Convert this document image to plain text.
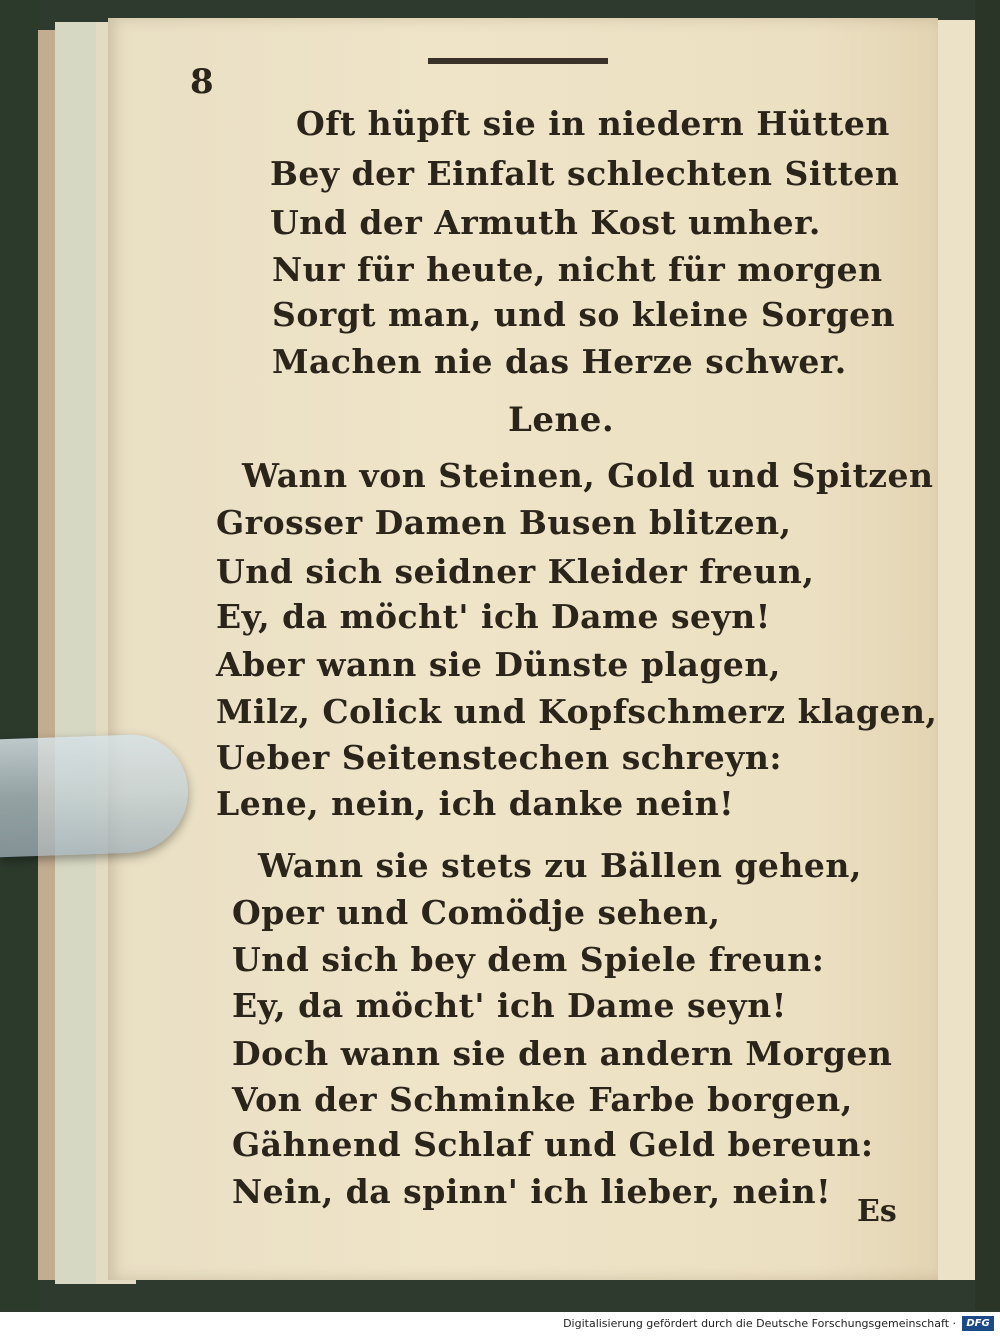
8
Oft hüpft sie in niedern Hütten
Bey der Einfalt schlechten Sitten
Und der Armuth Kost umher.
Nur für heute, nicht für morgen
Sorgt man, und so kleine Sorgen
Machen nie das Herze schwer.
Lene.
Wann von Steinen, Gold und Spitzen
Grosser Damen Busen blitzen,
Und sich seidner Kleider freun,
Ey, da möcht' ich Dame seyn!
Aber wann sie Dünste plagen,
Milz, Colick und Kopfschmerz klagen,
Ueber Seitenstechen schreyn:
Lene, nein, ich danke nein!
Wann sie stets zu Bällen gehen,
Oper und Comödje sehen,
Und sich bey dem Spiele freun:
Ey, da möcht' ich Dame seyn!
Doch wann sie den andern Morgen
Von der Schminke Farbe borgen,
Gähnend Schlaf und Geld bereun:
Nein, da spinn' ich lieber, nein!
Es
Digitalisierung gefördert durch die Deutsche Forschungsgemeinschaft ·	DFG
